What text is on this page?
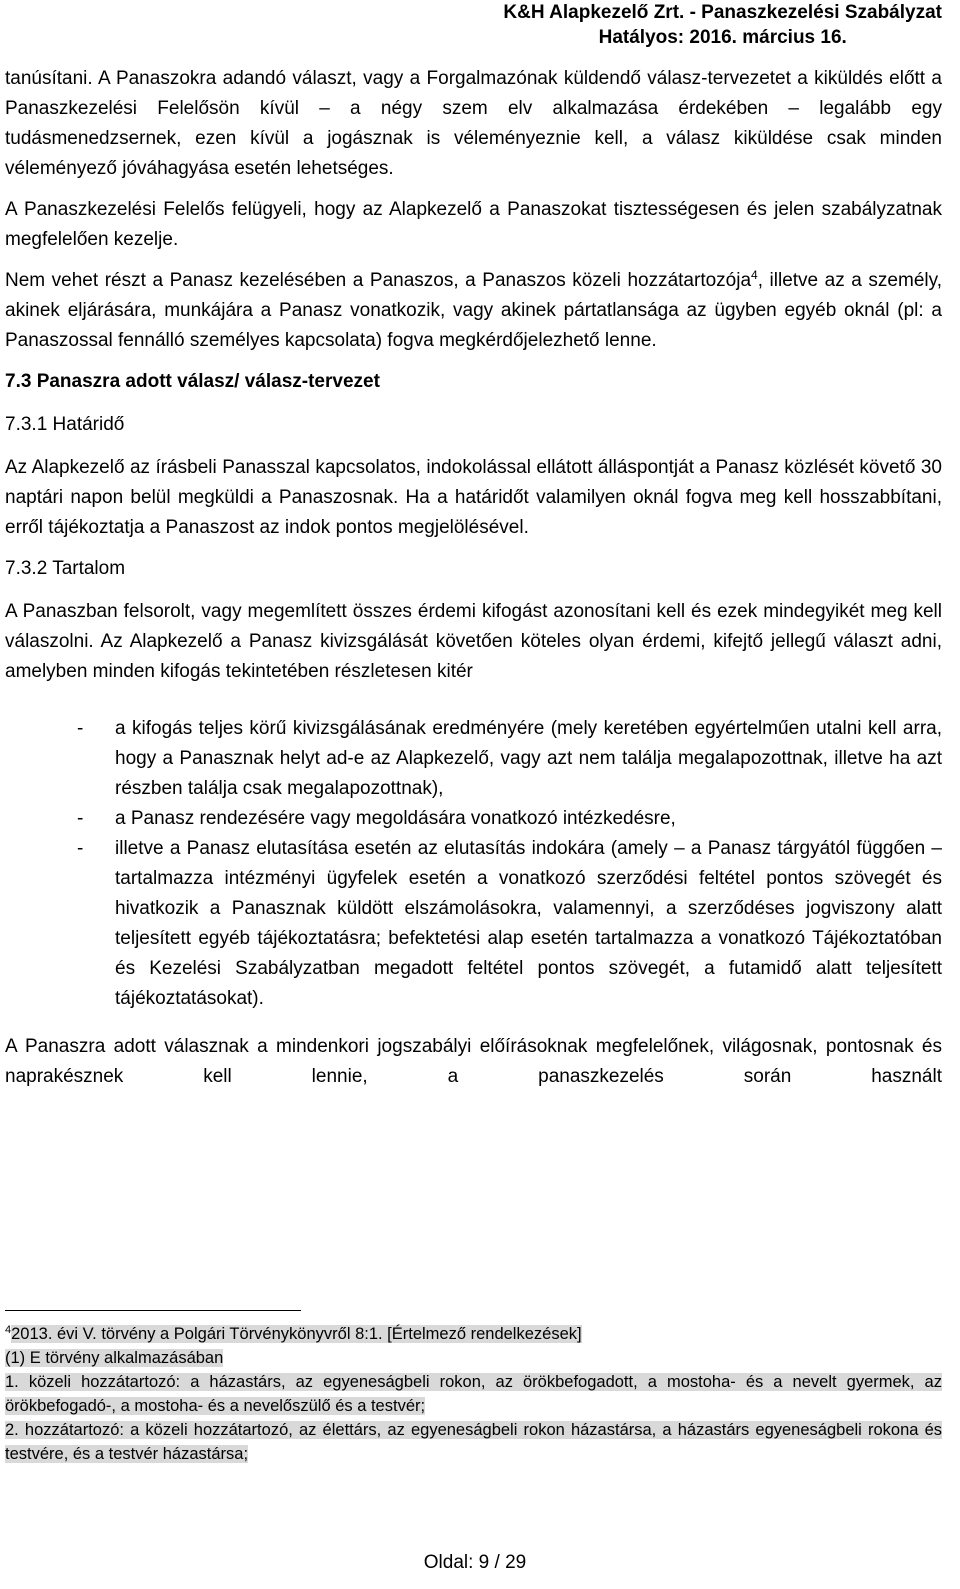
K&H Alapkezelő Zrt. - Panaszkezelési Szabályzat
Hatályos: 2016. március 16.

tanúsítani. A Panaszokra adandó választ, vagy a Forgalmazónak küldendő válasz-tervezetet a kiküldés előtt a Panaszkezelési Felelősön kívül – a négy szem elv alkalmazása érdekében – legalább egy tudásmenedzsernek, ezen kívül a jogásznak is véleményeznie kell, a válasz kiküldése csak minden véleményező jóváhagyása esetén lehetséges.

A Panaszkezelési Felelős felügyeli, hogy az Alapkezelő a Panaszokat tisztességesen és jelen szabályzatnak megfelelően kezelje.

Nem vehet részt a Panasz kezelésében a Panaszos, a Panaszos közeli hozzátartozója$^4$, illetve az a személy, akinek eljárására, munkájára a Panasz vonatkozik, vagy akinek pártatlansága az ügyben egyéb oknál (pl: a Panaszossal fennálló személyes kapcsolata) fogva megkérdőjelezhető lenne.

7.3 Panaszra adott válasz/ válasz-tervezet

7.3.1 Határidő

Az Alapkezelő az írásbeli Panasszal kapcsolatos, indokolással ellátott álláspontját a Panasz közlését követő 30 naptári napon belül megküldi a Panaszosnak. Ha a határidőt valamilyen oknál fogva meg kell hosszabbítani, erről tájékoztatja a Panaszost az indok pontos megjelölésével.

7.3.2 Tartalom

A Panaszban felsorolt, vagy megemlített összes érdemi kifogást azonosítani kell és ezek mindegyikét meg kell válaszolni. Az Alapkezelő a Panasz kivizsgálását követően köteles olyan érdemi, kifejtő jellegű választ adni, amelyben minden kifogás tekintetében részletesen kitér

- a kifogás teljes körű kivizsgálásának eredményére (mely keretében egyértelműen utalni kell arra, hogy a Panasznak helyt ad-e az Alapkezelő, vagy azt nem találja megalapozottnak, illetve ha azt részben találja csak megalapozottnak),
- a Panasz rendezésére vagy megoldására vonatkozó intézkedésre,
- illetve a Panasz elutasítása esetén az elutasítás indokára (amely – a Panasz tárgyától függően – tartalmazza intézményi ügyfelek esetén a vonatkozó szerződési feltétel pontos szövegét és hivatkozik a Panasznak küldött elszámolásokra, valamennyi, a szerződéses jogviszony alatt teljesített egyéb tájékoztatásra; befektetési alap esetén tartalmazza a vonatkozó Tájékoztatóban és Kezelési Szabályzatban megadott feltétel pontos szövegét, a futamidő alatt teljesített tájékoztatásokat).

A Panaszra adott válasznak a mindenkori jogszabályi előírásoknak megfelelőnek, világosnak, pontosnak és naprakésznek kell lennie, a panaszkezelés során használt

$^4$2013. évi V. törvény a Polgári Törvénykönyvről 8:1. [Értelmező rendelkezések]

(1) E törvény alkalmazásában

1. közeli hozzátartozó: a házastárs, az egyeneságbeli rokon, az örökbefogadott, a mostoha- és a nevelt gyermek, az örökbefogadó-, a mostoha- és a nevelőszülő és a testvér;

2. hozzátartozó: a közeli hozzátartozó, az élettárs, az egyeneságbeli rokon házastársa, a házastárs egyeneságbeli rokona és testvére, és a testvér házastársa;

Oldal: 9 / 29
